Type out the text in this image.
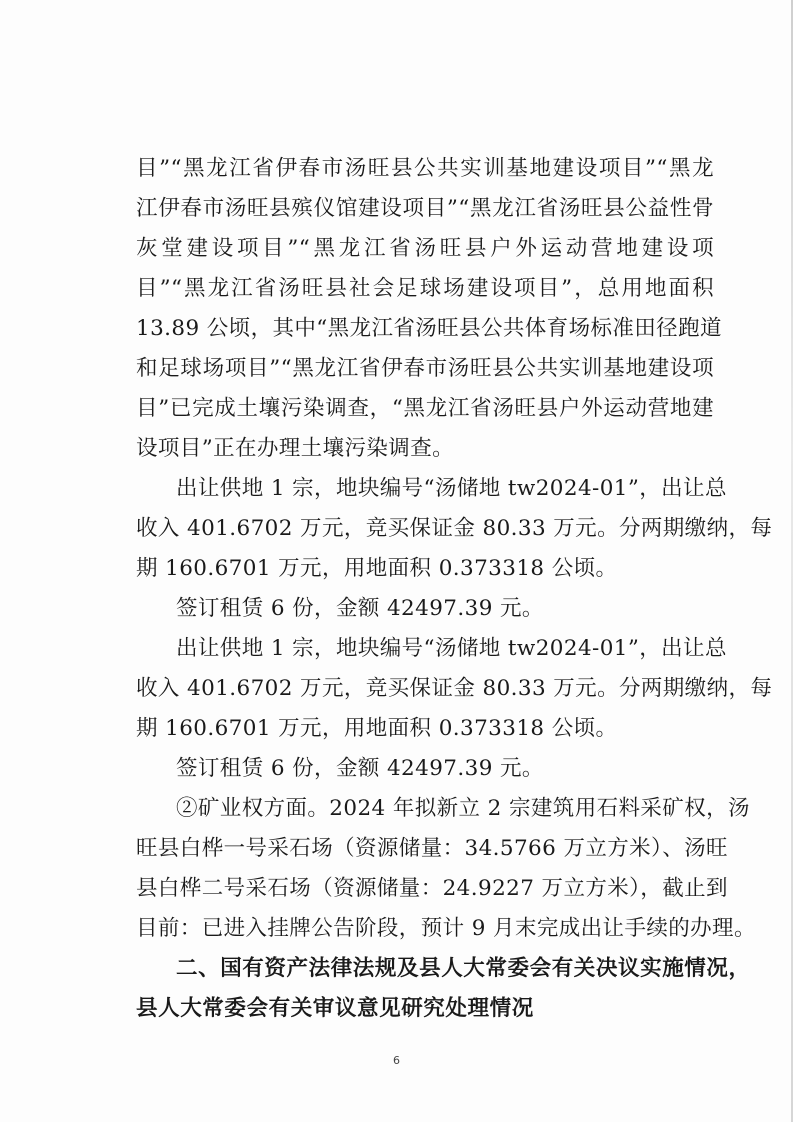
目”“黑龙江省伊春市汤旺县公共实训基地建设项目”“黑龙
江伊春市汤旺县殡仪馆建设项目”“黑龙江省汤旺县公益性骨
灰堂建设项目”“黑龙江省汤旺县户外运动营地建设项
目”“黑龙江省汤旺县社会足球场建设项目”，总用地面积
13.89 公顷，其中“黑龙江省汤旺县公共体育场标准田径跑道
和足球场项目”“黑龙江省伊春市汤旺县公共实训基地建设项
目”已完成土壤污染调查，“黑龙江省汤旺县户外运动营地建
设项目”正在办理土壤污染调查。
出让供地 1 宗，地块编号“汤储地 tw2024-01”，出让总
收入 401.6702 万元，竞买保证金 80.33 万元。分两期缴纳，每
期 160.6701 万元，用地面积 0.373318 公顷。
签订租赁 6 份，金额 42497.39 元。
出让供地 1 宗，地块编号“汤储地 tw2024-01”，出让总
收入 401.6702 万元，竞买保证金 80.33 万元。分两期缴纳，每
期 160.6701 万元，用地面积 0.373318 公顷。
签订租赁 6 份，金额 42497.39 元。
②矿业权方面。2024 年拟新立 2 宗建筑用石料采矿权，汤
旺县白桦一号采石场（资源储量：34.5766 万立方米）、汤旺
县白桦二号采石场（资源储量：24.9227 万立方米），截止到
目前：已进入挂牌公告阶段，预计 9 月末完成出让手续的办理。
二、国有资产法律法规及县人大常委会有关决议实施情况，
县人大常委会有关审议意见研究处理情况
6
